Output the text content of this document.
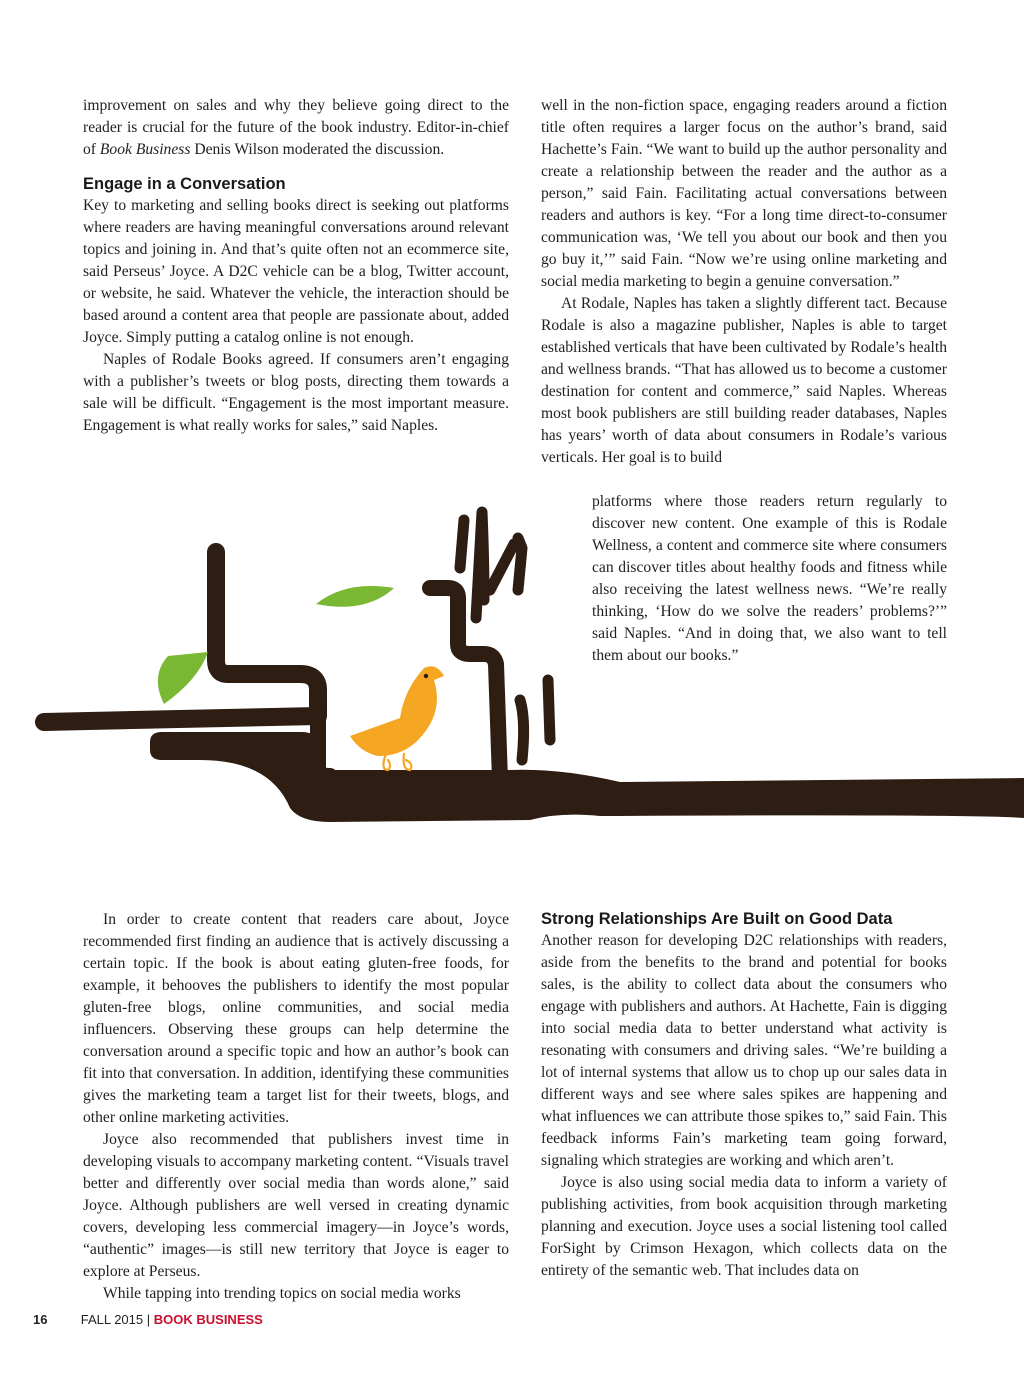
improvement on sales and why they believe going direct to the reader is crucial for the future of the book industry. Editor-in-chief of Book Business Denis Wilson moderated the discussion.

Engage in a Conversation

Key to marketing and selling books direct is seeking out platforms where readers are having meaningful conversations around relevant topics and joining in. And that’s quite often not an ecommerce site, said Perseus’ Joyce. A D2C vehicle can be a blog, Twitter account, or website, he said. Whatever the vehicle, the interaction should be based around a content area that people are passionate about, added Joyce. Simply putting a catalog online is not enough.

Naples of Rodale Books agreed. If consumers aren’t engaging with a publisher’s tweets or blog posts, directing them towards a sale will be difficult. “Engagement is the most important measure. Engagement is what really works for sales,” said Naples.

well in the non-fiction space, engaging readers around a fiction title often requires a larger focus on the author’s brand, said Hachette’s Fain. “We want to build up the author personality and create a relationship between the reader and the author as a person,” said Fain. Facilitating actual conversations between readers and authors is key. “For a long time direct-to-consumer communication was, ‘We tell you about our book and then you go buy it,’” said Fain. “Now we’re using online marketing and social media marketing to begin a genuine conversation.”

At Rodale, Naples has taken a slightly different tact. Because Rodale is also a magazine publisher, Naples is able to target established verticals that have been cultivated by Rodale’s health and wellness brands. “That has allowed us to become a customer destination for content and commerce,” said Naples. Whereas most book publishers are still building reader databases, Naples has years’ worth of data about consumers in Rodale’s various verticals. Her goal is to build

platforms where those readers return regularly to discover new content. One example of this is Rodale Wellness, a content and commerce site where consumers can discover titles about healthy foods and fitness while also receiving the latest wellness news. “We’re really thinking, ‘How do we solve the readers’ problems?’” said Naples. “And in doing that, we also want to tell them about our books.”

In order to create content that readers care about, Joyce recommended first finding an audience that is actively discussing a certain topic. If the book is about eating gluten-free foods, for example, it behooves the publishers to identify the most popular gluten-free blogs, online communities, and social media influencers. Observing these groups can help determine the conversation around a specific topic and how an author’s book can fit into that conversation. In addition, identifying these communities gives the marketing team a target list for their tweets, blogs, and other online marketing activities.

Joyce also recommended that publishers invest time in developing visuals to accompany marketing content. “Visuals travel better and differently over social media than words alone,” said Joyce. Although publishers are well versed in creating dynamic covers, developing less commercial imagery—in Joyce’s words, “authentic” images—is still new territory that Joyce is eager to explore at Perseus.

While tapping into trending topics on social media works

Strong Relationships Are Built on Good Data

Another reason for developing D2C relationships with readers, aside from the benefits to the brand and potential for books sales, is the ability to collect data about the consumers who engage with publishers and authors. At Hachette, Fain is digging into social media data to better understand what activity is resonating with consumers and driving sales. “We’re building a lot of internal systems that allow us to chop up our sales data in different ways and see where sales spikes are happening and what influences we can attribute those spikes to,” said Fain. This feedback informs Fain’s marketing team going forward, signaling which strategies are working and which aren’t.

Joyce is also using social media data to inform a variety of publishing activities, from book acquisition through marketing planning and execution. Joyce uses a social listening tool called ForSight by Crimson Hexagon, which collects data on the entirety of the semantic web. That includes data on

16	FALL 2015 | BOOK BUSINESS
